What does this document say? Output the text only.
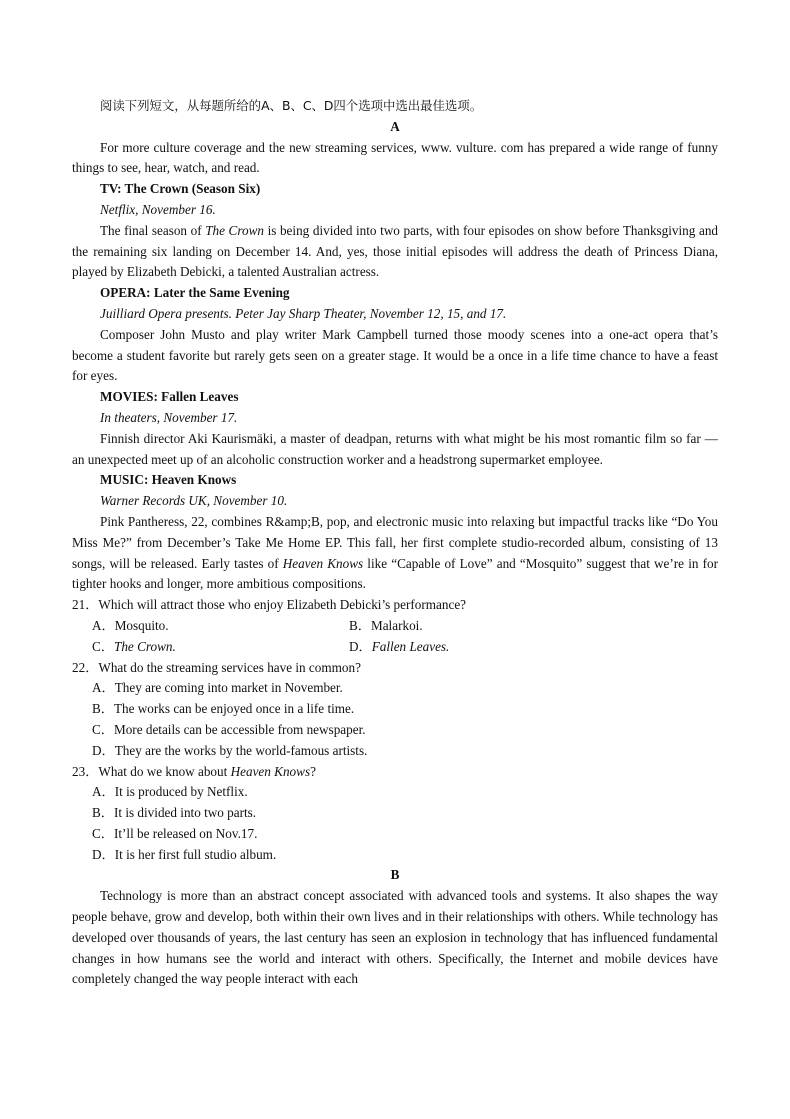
阅读下列短文，从每题所给的A、B、C、D四个选项中选出最佳选项。

A

For more culture coverage and the new streaming services, www. vulture. com has prepared a wide range of funny things to see, hear, watch, and read.

TV: The Crown (Season Six)

Netflix, November 16.

The final season of The Crown is being divided into two parts, with four episodes on show before Thanksgiving and the remaining six landing on December 14. And, yes, those initial episodes will address the death of Princess Diana, played by Elizabeth Debicki, a talented Australian actress.

OPERA: Later the Same Evening

Juilliard Opera presents. Peter Jay Sharp Theater, November 12, 15, and 17.

Composer John Musto and play writer Mark Campbell turned those moody scenes into a one-act opera that’s become a student favorite but rarely gets seen on a greater stage. It would be a once in a life time chance to have a feast for eyes.

MOVIES: Fallen Leaves

In theaters, November 17.

Finnish director Aki Kaurismäki, a master of deadpan, returns with what might be his most romantic film so far — an unexpected meet up of an alcoholic construction worker and a headstrong supermarket employee.

MUSIC: Heaven Knows

Warner Records UK, November 10.

Pink Pantheress, 22, combines R&amp;B, pop, and electronic music into relaxing but impactful tracks like “Do You Miss Me?” from December’s Take Me Home EP. This fall, her first complete studio-recorded album, consisting of 13 songs, will be released. Early tastes of Heaven Knows like “Capable of Love” and “Mosquito” suggest that we’re in for tighter hooks and longer, more ambitious compositions.

21．Which will attract those who enjoy Elizabeth Debicki’s performance?

A．Mosquito.	B．Malarkoi.
C．The Crown.	D．Fallen Leaves.

22．What do the streaming services have in common?

A．They are coming into market in November.

B．The works can be enjoyed once in a life time.

C．More details can be accessible from newspaper.

D．They are the works by the world-famous artists.

23．What do we know about Heaven Knows?

A．It is produced by Netflix.

B．It is divided into two parts.

C．It’ll be released on Nov.17.

D．It is her first full studio album.

B

Technology is more than an abstract concept associated with advanced tools and systems. It also shapes the way people behave, grow and develop, both within their own lives and in their relationships with others. While technology has developed over thousands of years, the last century has seen an explosion in technology that has influenced fundamental changes in how humans see the world and interact with others. Specifically, the Internet and mobile devices have completely changed the way people interact with each
